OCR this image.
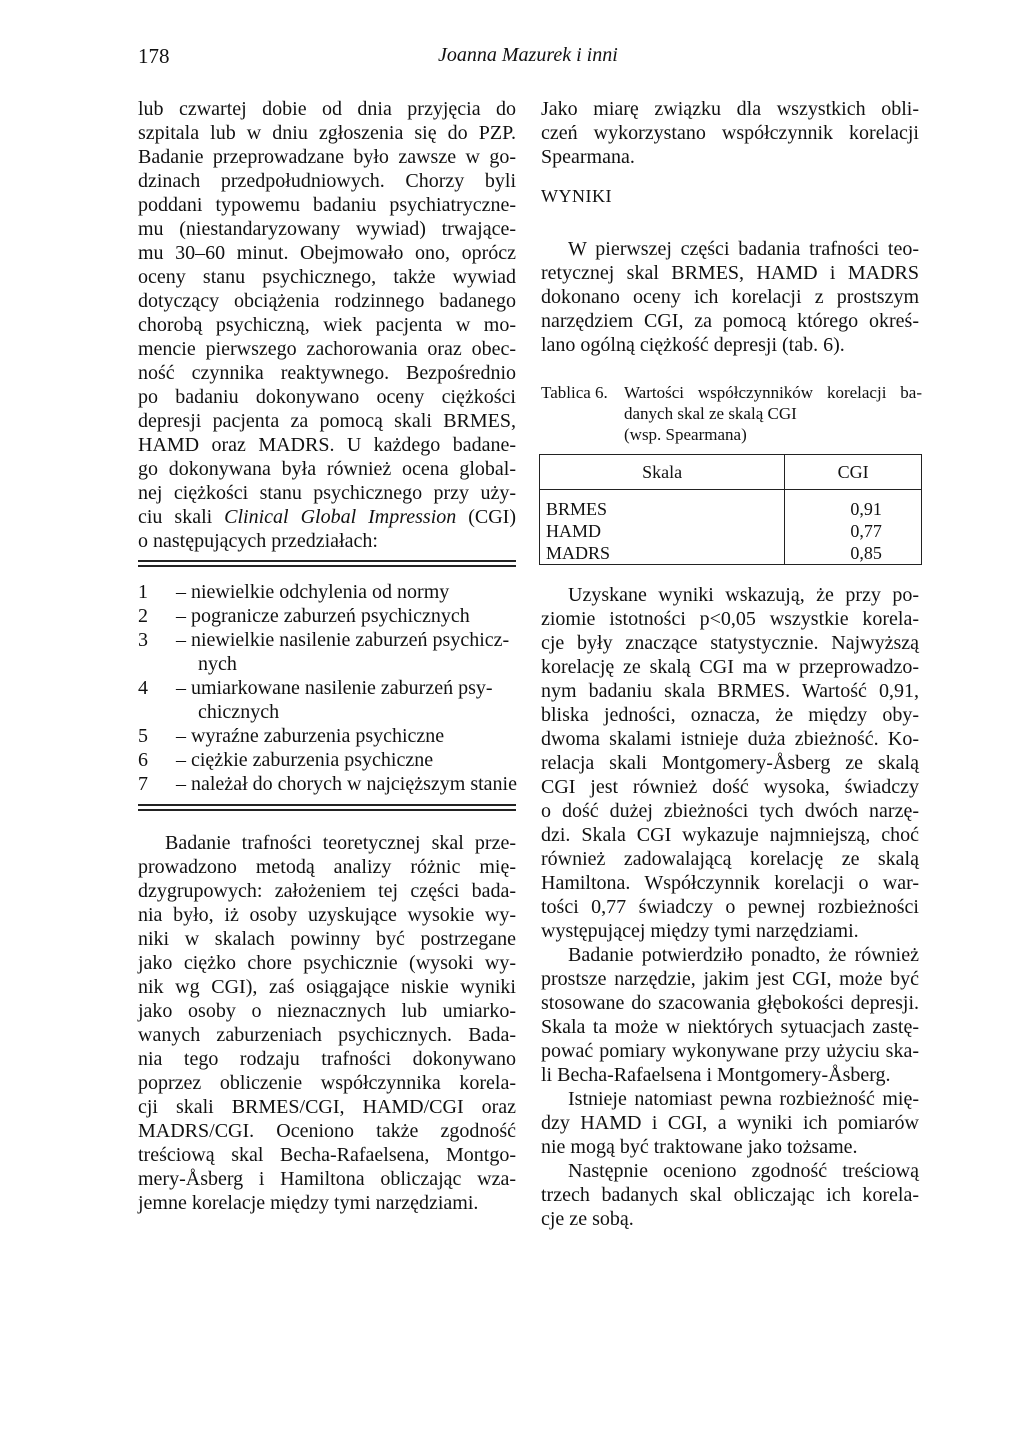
178	Joanna Mazurek i inni
lub czwartej dobie od dnia przyjęcia do
szpitala lub w dniu zgłoszenia się do PZP.
Badanie przeprowadzane było zawsze w go-
dzinach przedpołudniowych. Chorzy byli
poddani typowemu badaniu psychiatryczne-
mu (niestandaryzowany wywiad) trwające-
mu 30–60 minut. Obejmowało ono, oprócz
oceny stanu psychicznego, także wywiad
dotyczący obciążenia rodzinnego badanego
chorobą psychiczną, wiek pacjenta w mo-
mencie pierwszego zachorowania oraz obec-
ność czynnika reaktywnego. Bezpośrednio
po badaniu dokonywano oceny ciężkości
depresji pacjenta za pomocą skali BRMES,
HAMD oraz MADRS. U każdego badane-
go dokonywana była również ocena global-
nej ciężkości stanu psychicznego przy uży-
ciu skali Clinical Global Impression (CGI)
o następujących przedziałach:
1 – niewielkie odchylenia od normy
2 – pogranicze zaburzeń psychicznych
3 – niewielkie nasilenie zaburzeń psychicz-
nych
4 – umiarkowane nasilenie zaburzeń psy-
chicznych
5 – wyraźne zaburzenia psychiczne
6 – ciężkie zaburzenia psychiczne
7 – należał do chorych w najcięższym stanie
Badanie trafności teoretycznej skal prze-
prowadzono metodą analizy różnic mię-
dzygrupowych: założeniem tej części bada-
nia było, iż osoby uzyskujące wysokie wy-
niki w skalach powinny być postrzegane
jako ciężko chore psychicznie (wysoki wy-
nik wg CGI), zaś osiągające niskie wyniki
jako osoby o nieznacznych lub umiarko-
wanych zaburzeniach psychicznych. Bada-
nia tego rodzaju trafności dokonywano
poprzez obliczenie współczynnika korela-
cji skali BRMES/CGI, HAMD/CGI oraz
MADRS/CGI. Oceniono także zgodność
treściową skal Becha-Rafaelsena, Montgo-
mery-Åsberg i Hamiltona obliczając wza-
jemne korelacje między tymi narzędziami.
Jako miarę związku dla wszystkich obli-
czeń wykorzystano współczynnik korelacji
Spearmana.
WYNIKI
W pierwszej części badania trafności teo-
retycznej skal BRMES, HAMD i MADRS
dokonano oceny ich korelacji z prostszym
narzędziem CGI, za pomocą którego okreś-
lano ogólną ciężkość depresji (tab. 6).
Tablica 6. Wartości współczynników korelacji ba-
danych skal ze skalą CGI
(wsp. Spearmana)
Skala	CGI
BRMES	0,91
HAMD	0,77
MADRS	0,85
Uzyskane wyniki wskazują, że przy po-
ziomie istotności p<0,05 wszystkie korela-
cje były znaczące statystycznie. Najwyższą
korelację ze skalą CGI ma w przeprowadzo-
nym badaniu skala BRMES. Wartość 0,91,
bliska jedności, oznacza, że między oby-
dwoma skalami istnieje duża zbieżność. Ko-
relacja skali Montgomery-Åsberg ze skalą
CGI jest również dość wysoka, świadczy
o dość dużej zbieżności tych dwóch narzę-
dzi. Skala CGI wykazuje najmniejszą, choć
również zadowalającą korelację ze skalą
Hamiltona. Współczynnik korelacji o war-
tości 0,77 świadczy o pewnej rozbieżności
występującej między tymi narzędziami.
Badanie potwierdziło ponadto, że również
prostsze narzędzie, jakim jest CGI, może być
stosowane do szacowania głębokości depresji.
Skala ta może w niektórych sytuacjach zastę-
pować pomiary wykonywane przy użyciu ska-
li Becha-Rafaelsena i Montgomery-Åsberg.
Istnieje natomiast pewna rozbieżność mię-
dzy HAMD i CGI, a wyniki ich pomiarów
nie mogą być traktowane jako tożsame.
Następnie oceniono zgodność treściową
trzech badanych skal obliczając ich korela-
cje ze sobą.
